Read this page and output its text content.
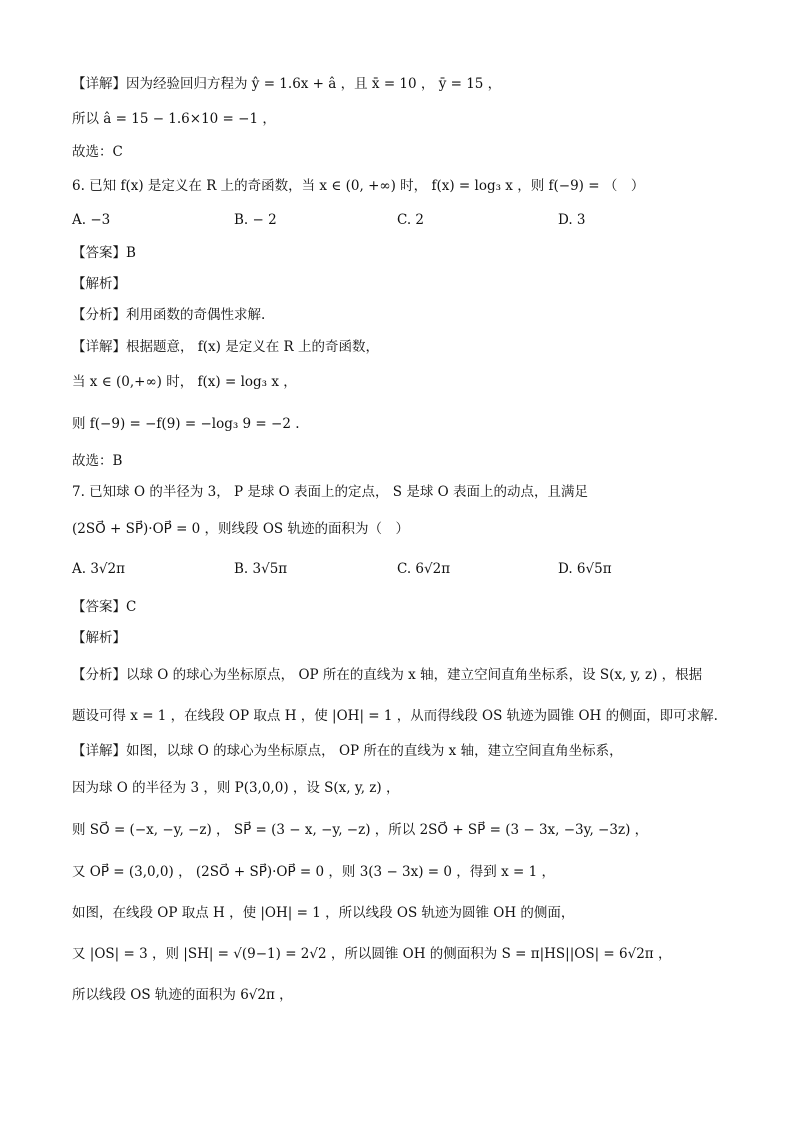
【详解】因为经验回归方程为 ŷ = 1.6x + â ，且 x̄ = 10 ， ȳ = 15 ，
所以 â = 15 − 1.6×10 = −1 ，
故选：C
6. 已知 f(x) 是定义在 R 上的奇函数，当 x ∈ (0, +∞) 时， f(x) = log₃ x ，则 f(−9) = （　）
A. −3	B. − 2	C. 2	D. 3
【答案】B
【解析】
【分析】利用函数的奇偶性求解.
【详解】根据题意， f(x) 是定义在 R 上的奇函数，
当 x ∈ (0,+∞) 时， f(x) = log₃ x ，
则 f(−9) = −f(9) = −log₃ 9 = −2 .
故选：B
7. 已知球 O 的半径为 3， P 是球 O 表面上的定点， S 是球 O 表面上的动点，且满足
(2SO⃗ + SP⃗)·OP⃗ = 0 ，则线段 OS 轨迹的面积为（　）
A. 3√2π	B. 3√5π	C. 6√2π	D. 6√5π
【答案】C
【解析】
【分析】以球 O 的球心为坐标原点， OP 所在的直线为 x 轴，建立空间直角坐标系，设 S(x, y, z) ，根据
题设可得 x = 1 ，在线段 OP 取点 H ，使 |OH| = 1 ，从而得线段 OS 轨迹为圆锥 OH 的侧面，即可求解.
【详解】如图，以球 O 的球心为坐标原点， OP 所在的直线为 x 轴，建立空间直角坐标系，
因为球 O 的半径为 3 ，则 P(3,0,0) ，设 S(x, y, z) ，
则 SO⃗ = (−x, −y, −z) ， SP⃗ = (3 − x, −y, −z) ，所以 2SO⃗ + SP⃗ = (3 − 3x, −3y, −3z) ，
又 OP⃗ = (3,0,0) ， (2SO⃗ + SP⃗)·OP⃗ = 0 ，则 3(3 − 3x) = 0 ，得到 x = 1 ，
如图，在线段 OP 取点 H ，使 |OH| = 1 ，所以线段 OS 轨迹为圆锥 OH 的侧面，
又 |OS| = 3 ，则 |SH| = √(9−1) = 2√2 ，所以圆锥 OH 的侧面积为 S = π|HS||OS| = 6√2π ，
所以线段 OS 轨迹的面积为 6√2π ，
